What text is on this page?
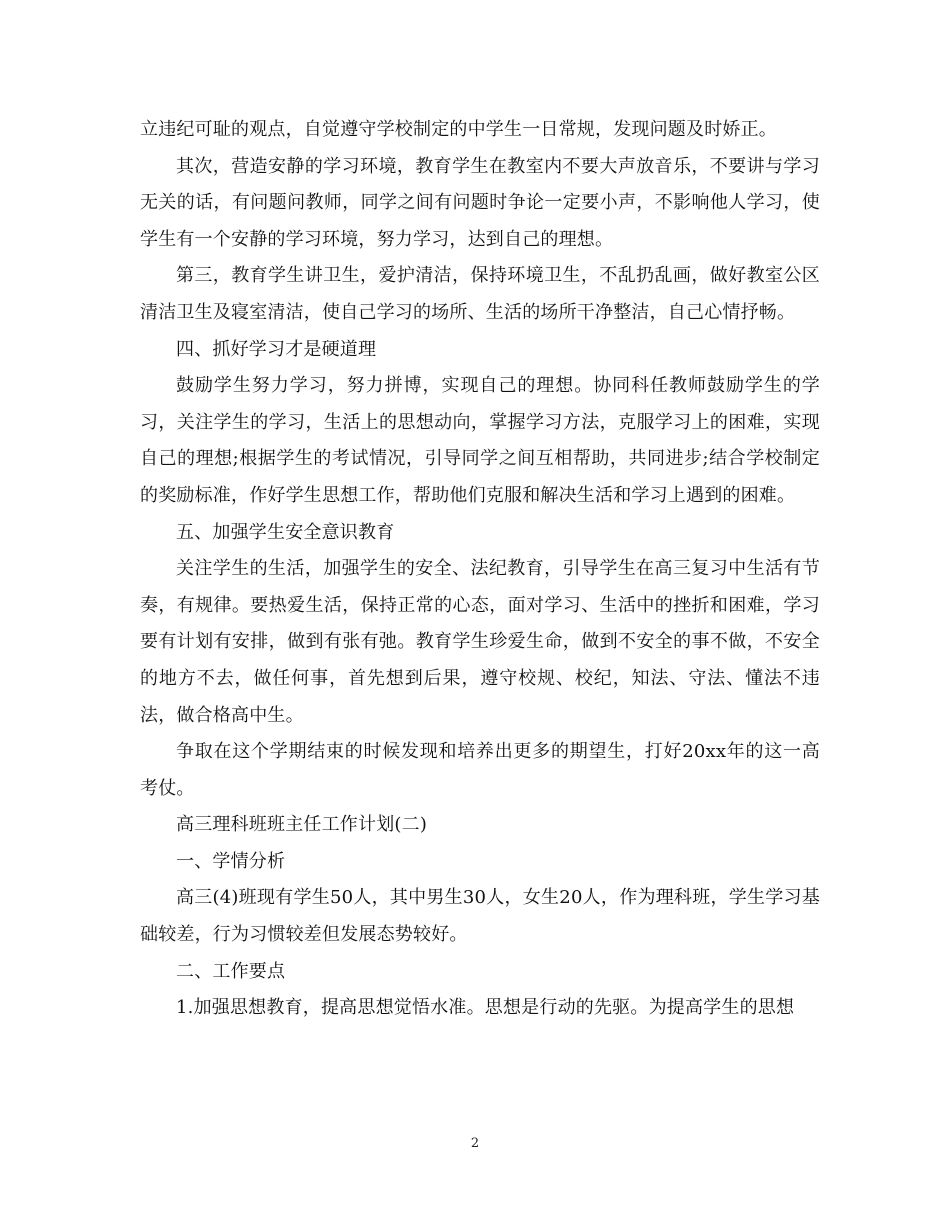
立违纪可耻的观点，自觉遵守学校制定的中学生一日常规，发现问题及时娇正。

其次，营造安静的学习环境，教育学生在教室内不要大声放音乐，不要讲与学习无关的话，有问题问教师，同学之间有问题时争论一定要小声，不影响他人学习，使学生有一个安静的学习环境，努力学习，达到自己的理想。

第三，教育学生讲卫生，爱护清洁，保持环境卫生，不乱扔乱画，做好教室公区清洁卫生及寝室清洁，使自己学习的场所、生活的场所干净整洁，自己心情抒畅。

四、抓好学习才是硬道理

鼓励学生努力学习，努力拼博，实现自己的理想。协同科任教师鼓励学生的学习，关注学生的学习，生活上的思想动向，掌握学习方法，克服学习上的困难，实现自己的理想;根据学生的考试情况，引导同学之间互相帮助，共同进步;结合学校制定的奖励标准，作好学生思想工作，帮助他们克服和解决生活和学习上遇到的困难。

五、加强学生安全意识教育

关注学生的生活，加强学生的安全、法纪教育，引导学生在高三复习中生活有节奏，有规律。要热爱生活，保持正常的心态，面对学习、生活中的挫折和困难，学习要有计划有安排，做到有张有弛。教育学生珍爱生命，做到不安全的事不做，不安全的地方不去，做任何事，首先想到后果，遵守校规、校纪，知法、守法、懂法不违法，做合格高中生。

争取在这个学期结束的时候发现和培养出更多的期望生，打好20xx年的这一高考仗。

高三理科班班主任工作计划(二)

一、学情分析

高三(4)班现有学生50人，其中男生30人，女生20人，作为理科班，学生学习基础较差，行为习惯较差但发展态势较好。

二、工作要点

1.加强思想教育，提高思想觉悟水准。思想是行动的先驱。为提高学生的思想

2
